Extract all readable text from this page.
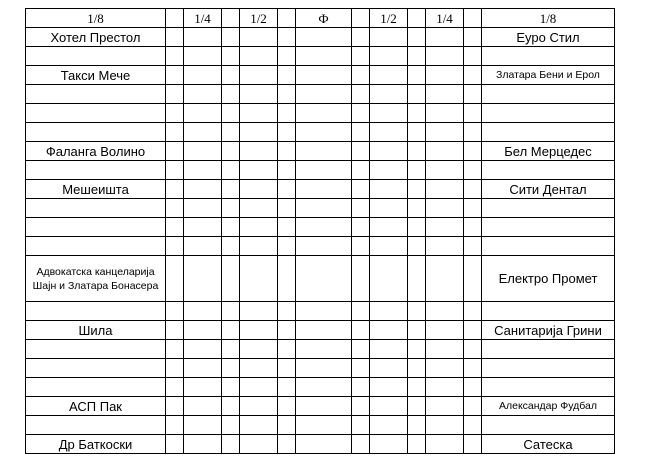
1/8		1/4		1/2		Ф		1/2		1/4		1/8
Хотел Престол												Еуро Стил

Такси Мече												Златара Бени и Ерол

Фаланга Волино												Бел Мерцедес

Мешеишта												Сити Дентал

Адвокатска канцеларија Шајн и Златара Бонасера												Електро Промет

Шила												Санитарија Грини

АСП Пак												Александар Фудбал

Др Баткоски												Сатеска
